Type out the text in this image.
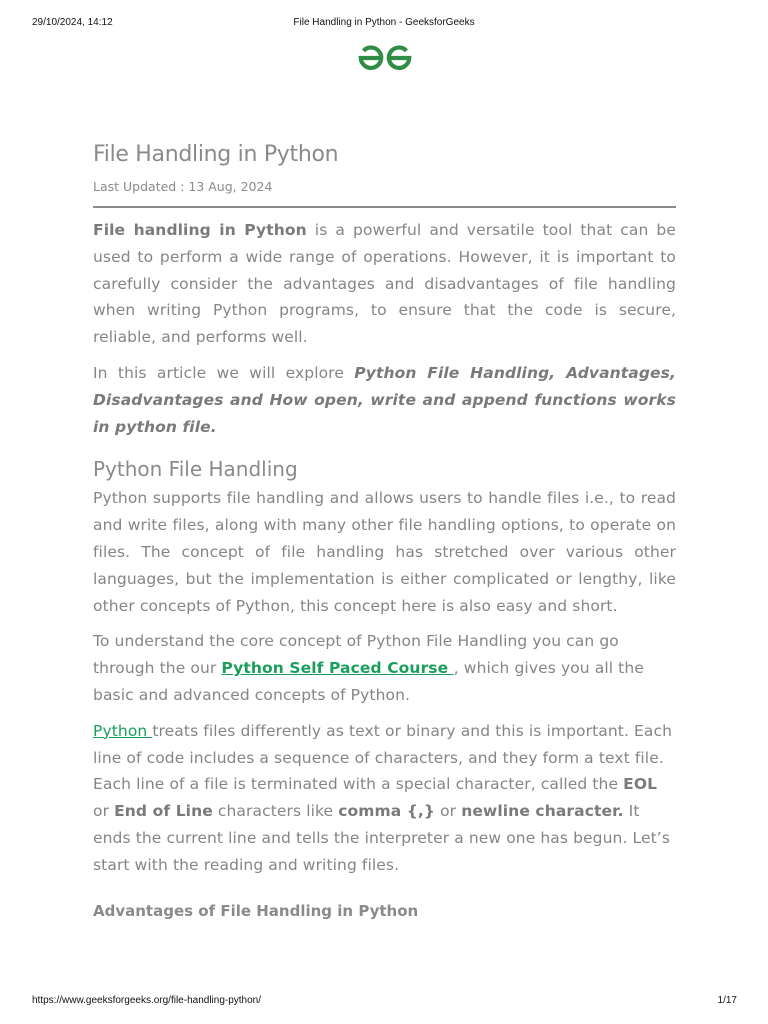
29/10/2024, 14:12	File Handling in Python - GeeksforGeeks
File Handling in Python
Last Updated : 13 Aug, 2024

File handling in Python is a powerful and versatile tool that can be used to perform a wide range of operations. However, it is important to carefully consider the advantages and disadvantages of file handling when writing Python programs, to ensure that the code is secure, reliable, and performs well.

In this article we will explore Python File Handling, Advantages, Disadvantages and How open, write and append functions works in python file.

Python File Handling

Python supports file handling and allows users to handle files i.e., to read and write files, along with many other file handling options, to operate on files. The concept of file handling has stretched over various other languages, but the implementation is either complicated or lengthy, like other concepts of Python, this concept here is also easy and short.

To understand the core concept of Python File Handling you can go through the our Python Self Paced Course , which gives you all the basic and advanced concepts of Python.

Python treats files differently as text or binary and this is important. Each line of code includes a sequence of characters, and they form a text file. Each line of a file is terminated with a special character, called the EOL or End of Line characters like comma {,} or newline character. It ends the current line and tells the interpreter a new one has begun. Let’s start with the reading and writing files.

Advantages of File Handling in Python
https://www.geeksforgeeks.org/file-handling-python/	1/17
